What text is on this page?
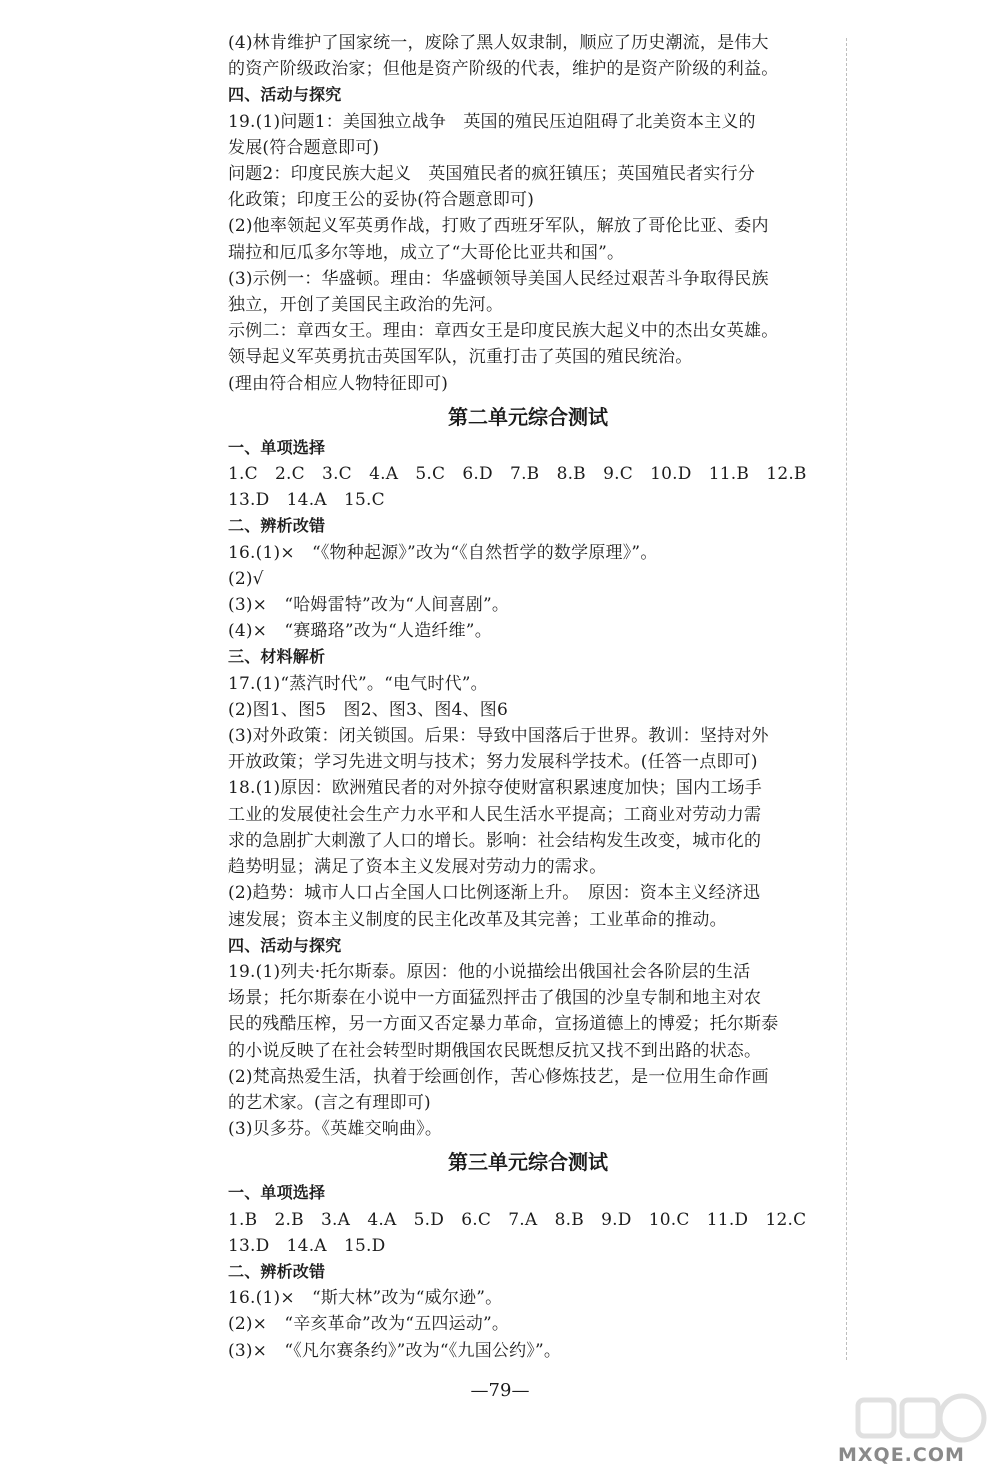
(4)林肯维护了国家统一，废除了黑人奴隶制，顺应了历史潮流，是伟大
的资产阶级政治家；但他是资产阶级的代表，维护的是资产阶级的利益。
四、活动与探究
19.(1)问题1：美国独立战争　英国的殖民压迫阻碍了北美资本主义的
发展(符合题意即可)
问题2：印度民族大起义　英国殖民者的疯狂镇压；英国殖民者实行分
化政策；印度王公的妥协(符合题意即可)
(2)他率领起义军英勇作战，打败了西班牙军队，解放了哥伦比亚、委内
瑞拉和厄瓜多尔等地，成立了“大哥伦比亚共和国”。
(3)示例一：华盛顿。理由：华盛顿领导美国人民经过艰苦斗争取得民族
独立，开创了美国民主政治的先河。
示例二：章西女王。理由：章西女王是印度民族大起义中的杰出女英雄。
领导起义军英勇抗击英国军队，沉重打击了英国的殖民统治。
(理由符合相应人物特征即可)
第二单元综合测试
一、单项选择
1.C　2.C　3.C　4.A　5.C　6.D　7.B　8.B　9.C　10.D　11.B　12.B
13.D　14.A　15.C
二、辨析改错
16.(1)×　“《物种起源》”改为“《自然哲学的数学原理》”。
(2)√
(3)×　“哈姆雷特”改为“人间喜剧”。
(4)×　“赛璐珞”改为“人造纤维”。
三、材料解析
17.(1)“蒸汽时代”。“电气时代”。
(2)图1、图5　图2、图3、图4、图6
(3)对外政策：闭关锁国。后果：导致中国落后于世界。教训：坚持对外
开放政策；学习先进文明与技术；努力发展科学技术。(任答一点即可)
18.(1)原因：欧洲殖民者的对外掠夺使财富积累速度加快；国内工场手
工业的发展使社会生产力水平和人民生活水平提高；工商业对劳动力需
求的急剧扩大刺激了人口的增长。影响：社会结构发生改变，城市化的
趋势明显；满足了资本主义发展对劳动力的需求。
(2)趋势：城市人口占全国人口比例逐渐上升。　原因：资本主义经济迅
速发展；资本主义制度的民主化改革及其完善；工业革命的推动。
四、活动与探究
19.(1)列夫·托尔斯泰。原因：他的小说描绘出俄国社会各阶层的生活
场景；托尔斯泰在小说中一方面猛烈抨击了俄国的沙皇专制和地主对农
民的残酷压榨，另一方面又否定暴力革命，宣扬道德上的博爱；托尔斯泰
的小说反映了在社会转型时期俄国农民既想反抗又找不到出路的状态。
(2)梵高热爱生活，执着于绘画创作，苦心修炼技艺，是一位用生命作画
的艺术家。(言之有理即可)
(3)贝多芬。《英雄交响曲》。
第三单元综合测试
一、单项选择
1.B　2.B　3.A　4.A　5.D　6.C　7.A　8.B　9.D　10.C　11.D　12.C
13.D　14.A　15.D
二、辨析改错
16.(1)×　“斯大林”改为“威尔逊”。
(2)×　“辛亥革命”改为“五四运动”。
(3)×　“《凡尔赛条约》”改为“《九国公约》”。
—79—
MXQE.COM
